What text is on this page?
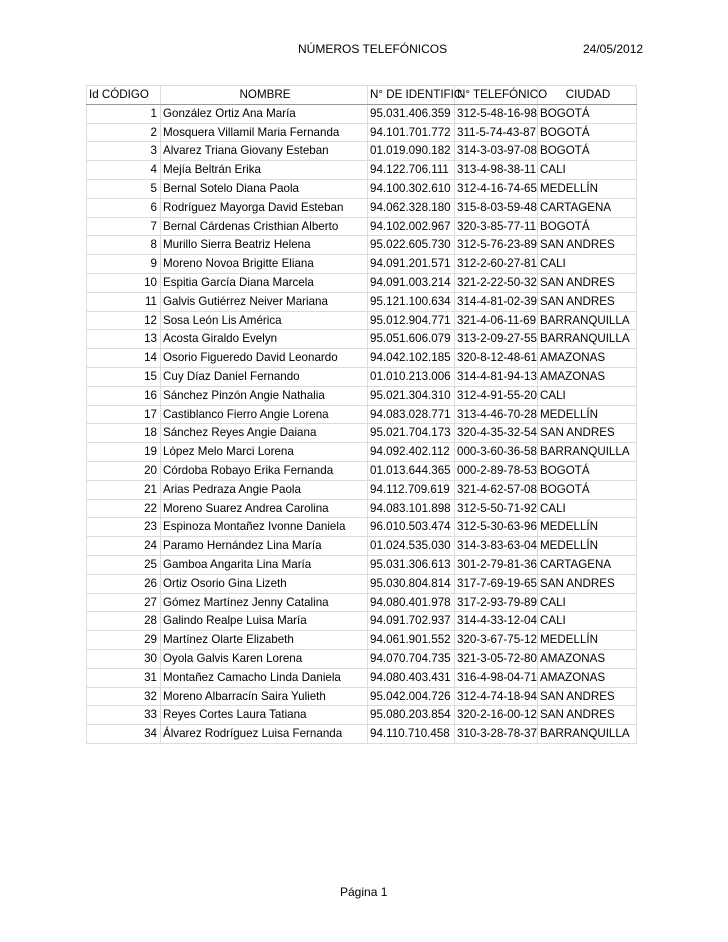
NÚMEROS TELEFÓNICOS	24/05/2012
Id CÓDIGO	NOMBRE	N° DE IDENTIFIC	N° TELEFÓNICO	CIUDAD
1	González Ortiz Ana María	95.031.406.359	312-5-48-16-98	BOGOTÁ
2	Mosquera Villamil Maria Fernanda	94.101.701.772	311-5-74-43-87	BOGOTÁ
3	Alvarez Triana Giovany Esteban	01.019.090.182	314-3-03-97-08	BOGOTÁ
4	Mejía Beltrán Erika	94.122.706.111	313-4-98-38-11	CALI
5	Bernal Sotelo Diana Paola	94.100.302.610	312-4-16-74-65	MEDELLÍN
6	Rodríguez Mayorga David Esteban	94.062.328.180	315-8-03-59-48	CARTAGENA
7	Bernal Cárdenas Cristhian Alberto	94.102.002.967	320-3-85-77-11	BOGOTÁ
8	Murillo Sierra Beatriz Helena	95.022.605.730	312-5-76-23-89	SAN ANDRES
9	Moreno Novoa Brigitte Eliana	94.091.201.571	312-2-60-27-81	CALI
10	Espitia García Diana Marcela	94.091.003.214	321-2-22-50-32	SAN ANDRES
11	Galvis Gutiérrez Neiver Mariana	95.121.100.634	314-4-81-02-39	SAN ANDRES
12	Sosa León Lis América	95.012.904.771	321-4-06-11-69	BARRANQUILLA
13	Acosta Giraldo Evelyn	95.051.606.079	313-2-09-27-55	BARRANQUILLA
14	Osorio Figueredo David Leonardo	94.042.102.185	320-8-12-48-61	AMAZONAS
15	Cuy Díaz Daniel Fernando	01.010.213.006	314-4-81-94-13	AMAZONAS
16	Sánchez Pinzón Angie Nathalia	95.021.304.310	312-4-91-55-20	CALI
17	Castiblanco Fierro Angie Lorena	94.083.028.771	313-4-46-70-28	MEDELLÍN
18	Sánchez Reyes Angie Daiana	95.021.704.173	320-4-35-32-54	SAN ANDRES
19	López Melo Marci Lorena	94.092.402.112	000-3-60-36-58	BARRANQUILLA
20	Córdoba Robayo Erika Fernanda	01.013.644.365	000-2-89-78-53	BOGOTÁ
21	Arias Pedraza Angie Paola	94.112.709.619	321-4-62-57-08	BOGOTÁ
22	Moreno Suarez Andrea Carolina	94.083.101.898	312-5-50-71-92	CALI
23	Espinoza Montañez Ivonne Daniela	96.010.503.474	312-5-30-63-96	MEDELLÍN
24	Paramo Hernández Lina María	01.024.535.030	314-3-83-63-04	MEDELLÍN
25	Gamboa Angarita Lina María	95.031.306.613	301-2-79-81-36	CARTAGENA
26	Ortiz Osorio Gina Lizeth	95.030.804.814	317-7-69-19-65	SAN ANDRES
27	Gómez Martínez Jenny Catalina	94.080.401.978	317-2-93-79-89	CALI
28	Galindo Realpe Luisa María	94.091.702.937	314-4-33-12-04	CALI
29	Martínez Olarte Elizabeth	94.061.901.552	320-3-67-75-12	MEDELLÍN
30	Oyola Galvis Karen Lorena	94.070.704.735	321-3-05-72-80	AMAZONAS
31	Montañez Camacho Linda Daniela	94.080.403.431	316-4-98-04-71	AMAZONAS
32	Moreno Albarracín Saira Yulieth	95.042.004.726	312-4-74-18-94	SAN ANDRES
33	Reyes Cortes Laura Tatiana	95.080.203.854	320-2-16-00-12	SAN ANDRES
34	Álvarez Rodríguez Luisa Fernanda	94.110.710.458	310-3-28-78-37	BARRANQUILLA
Página 1
